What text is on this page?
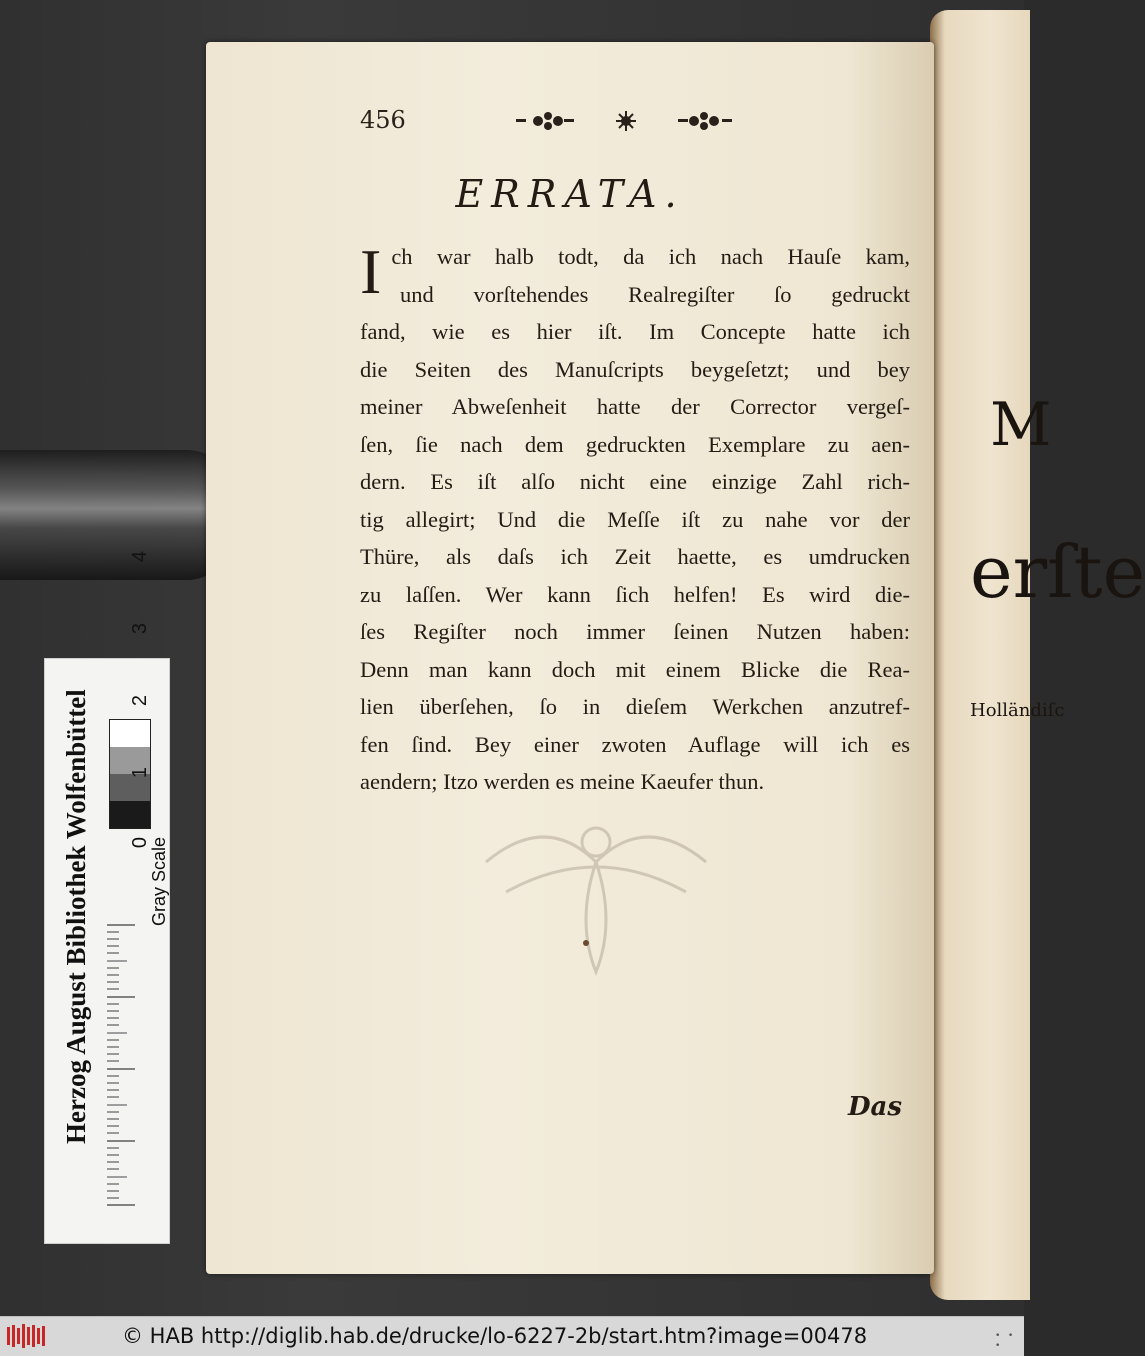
M
erſte
Holländiſc
456
ERRATA.
I ch war halb todt, da ich nach Hauſe kam,
und vorſtehendes Realregiſter ſo gedruckt
fand, wie es hier iſt. Im Concepte hatte ich
die Seiten des Manuſcripts beygeſetzt; und bey
meiner Abweſenheit hatte der Corrector vergeſ-
ſen, ſie nach dem gedruckten Exemplare zu aen-
dern. Es iſt alſo nicht eine einzige Zahl rich-
tig allegirt; Und die Meſſe iſt zu nahe vor der
Thüre, als daſs ich Zeit haette, es umdrucken
zu laſſen. Wer kann ſich helfen! Es wird die-
ſes Regiſter noch immer ſeinen Nutzen haben:
Denn man kann doch mit einem Blicke die Rea-
lien überſehen, ſo in dieſem Werkchen anzutref-
fen ſind. Bey einer zwoten Auflage will ich es
aendern; Itzo werden es meine Kaeufer thun.
Das
Herzog August Bibliothek Wolfenbüttel	Gray Scale
0
1
2
3
4
© HAB http://diglib.hab.de/drucke/lo-6227-2b/start.htm?image=00478	• • •
